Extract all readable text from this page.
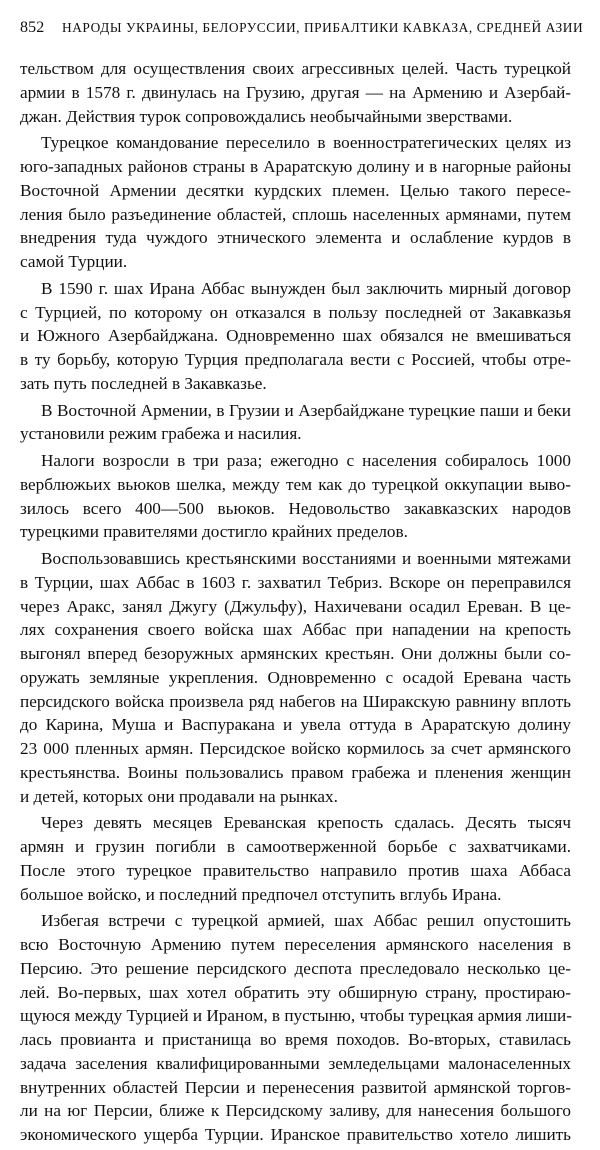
852 НАРОДЫ УКРАИНЫ, БЕЛОРУССИИ, ПРИБАЛТИКИ КАВКАЗА, СРЕДНЕЙ АЗИИ
тельством для осуществления своих агрессивных целей. Часть турецкой
армии в 1578 г. двинулась на Грузию, другая — на Армению и Азербай-
джан. Действия турок сопровождались необычайными зверствами.
Турецкое командование переселило в военностратегических целях из
юго-западных районов страны в Араратскую долину и в нагорные районы
Восточной Армении десятки курдских племен. Целью такого пересе-
ления было разъединение областей, сплошь населенных армянами, путем
внедрения туда чуждого этнического элемента и ослабление курдов в
самой Турции.
В 1590 г. шах Ирана Аббас вынужден был заключить мирный договор
с Турцией, по которому он отказался в пользу последней от Закавказья
и Южного Азербайджана. Одновременно шах обязался не вмешиваться
в ту борьбу, которую Турция предполагала вести с Россией, чтобы отре-
зать путь последней в Закавказье.
В Восточной Армении, в Грузии и Азербайджане турецкие паши и беки
установили режим грабежа и насилия.
Налоги возросли в три раза; ежегодно с населения собиралось 1000
верблюжьих вьюков шелка, между тем как до турецкой оккупации выво-
зилось всего 400—500 вьюков. Недовольство закавказских народов
турецкими правителями достигло крайних пределов.
Воспользовавшись крестьянскими восстаниями и военными мятежами
в Турции, шах Аббас в 1603 г. захватил Тебриз. Вскоре он переправился
через Аракс, занял Джугу (Джульфу), Нахичевани осадил Ереван. В це-
лях сохранения своего войска шах Аббас при нападении на крепость
выгонял вперед безоружных армянских крестьян. Они должны были со-
оружать земляные укрепления. Одновременно с осадой Еревана часть
персидского войска произвела ряд набегов на Ширакскую равнину вплоть
до Карина, Муша и Васпуракана и увела оттуда в Араратскую долину
23 000 пленных армян. Персидское войско кормилось за счет армянского
крестьянства. Воины пользовались правом грабежа и пленения женщин
и детей, которых они продавали на рынках.
Через девять месяцев Ереванская крепость сдалась. Десять тысяч
армян и грузин погибли в самоотверженной борьбе с захватчиками.
После этого турецкое правительство направило против шаха Аббаса
большое войско, и последний предпочел отступить вглубь Ирана.
Избегая встречи с турецкой армией, шах Аббас решил опустошить
всю Восточную Армению путем переселения армянского населения в
Персию. Это решение персидского деспота преследовало несколько це-
лей. Во-первых, шах хотел обратить эту обширную страну, простираю-
щуюся между Турцией и Ираном, в пустыню, чтобы турецкая армия лиши-
лась провианта и пристанища во время походов. Во-вторых, ставилась
задача заселения квалифицированными земледельцами малонаселенных
внутренних областей Персии и перенесения развитой армянской торгов-
ли на юг Персии, ближе к Персидскому заливу, для нанесения большого
экономического ущерба Турции. Иранское правительство хотело лишить
